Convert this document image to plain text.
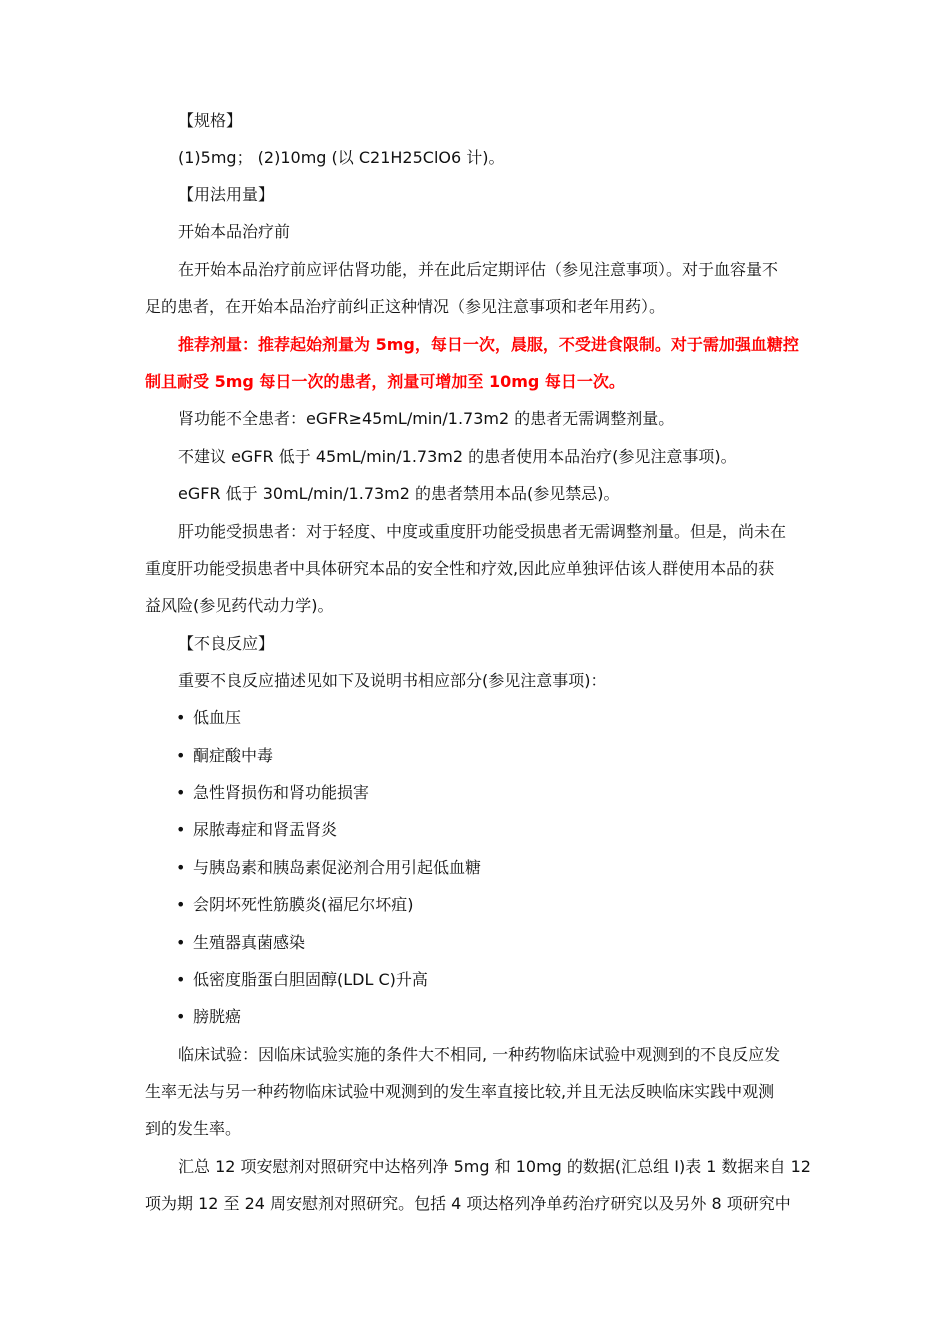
【规格】
(1)5mg； (2)10mg (以 C21H25ClO6 计)。
【用法用量】
开始本品治疗前
在开始本品治疗前应评估肾功能，并在此后定期评估（参见注意事项）。对于血容量不
足的患者，在开始本品治疗前纠正这种情况（参见注意事项和老年用药）。
推荐剂量：推荐起始剂量为 5mg，每日一次，晨服，不受进食限制。对于需加强血糖控
制且耐受 5mg 每日一次的患者，剂量可增加至 10mg 每日一次。
肾功能不全患者：eGFR≥45mL/min/1.73m2 的患者无需调整剂量。
不建议 eGFR 低于 45mL/min/1.73m2 的患者使用本品治疗(参见注意事项)。
eGFR 低于 30mL/min/1.73m2 的患者禁用本品(参见禁忌)。
肝功能受损患者：对于轻度、中度或重度肝功能受损患者无需调整剂量。但是，尚未在
重度肝功能受损患者中具体研究本品的安全性和疗效,因此应单独评估该人群使用本品的获
益风险(参见药代动力学)。
【不良反应】
重要不良反应描述见如下及说明书相应部分(参见注意事项)：
• 低血压
• 酮症酸中毒
• 急性肾损伤和肾功能损害
• 尿脓毒症和肾盂肾炎
• 与胰岛素和胰岛素促泌剂合用引起低血糖
• 会阴坏死性筋膜炎(福尼尔坏疽)
• 生殖器真菌感染
• 低密度脂蛋白胆固醇(LDL C)升高
• 膀胱癌
临床试验：因临床试验实施的条件大不相同, 一种药物临床试验中观测到的不良反应发
生率无法与另一种药物临床试验中观测到的发生率直接比较,并且无法反映临床实践中观测
到的发生率。
汇总 12 项安慰剂对照研究中达格列净 5mg 和 10mg 的数据(汇总组 I)表 1 数据来自 12
项为期 12 至 24 周安慰剂对照研究。包括 4 项达格列净单药治疗研究以及另外 8 项研究中
